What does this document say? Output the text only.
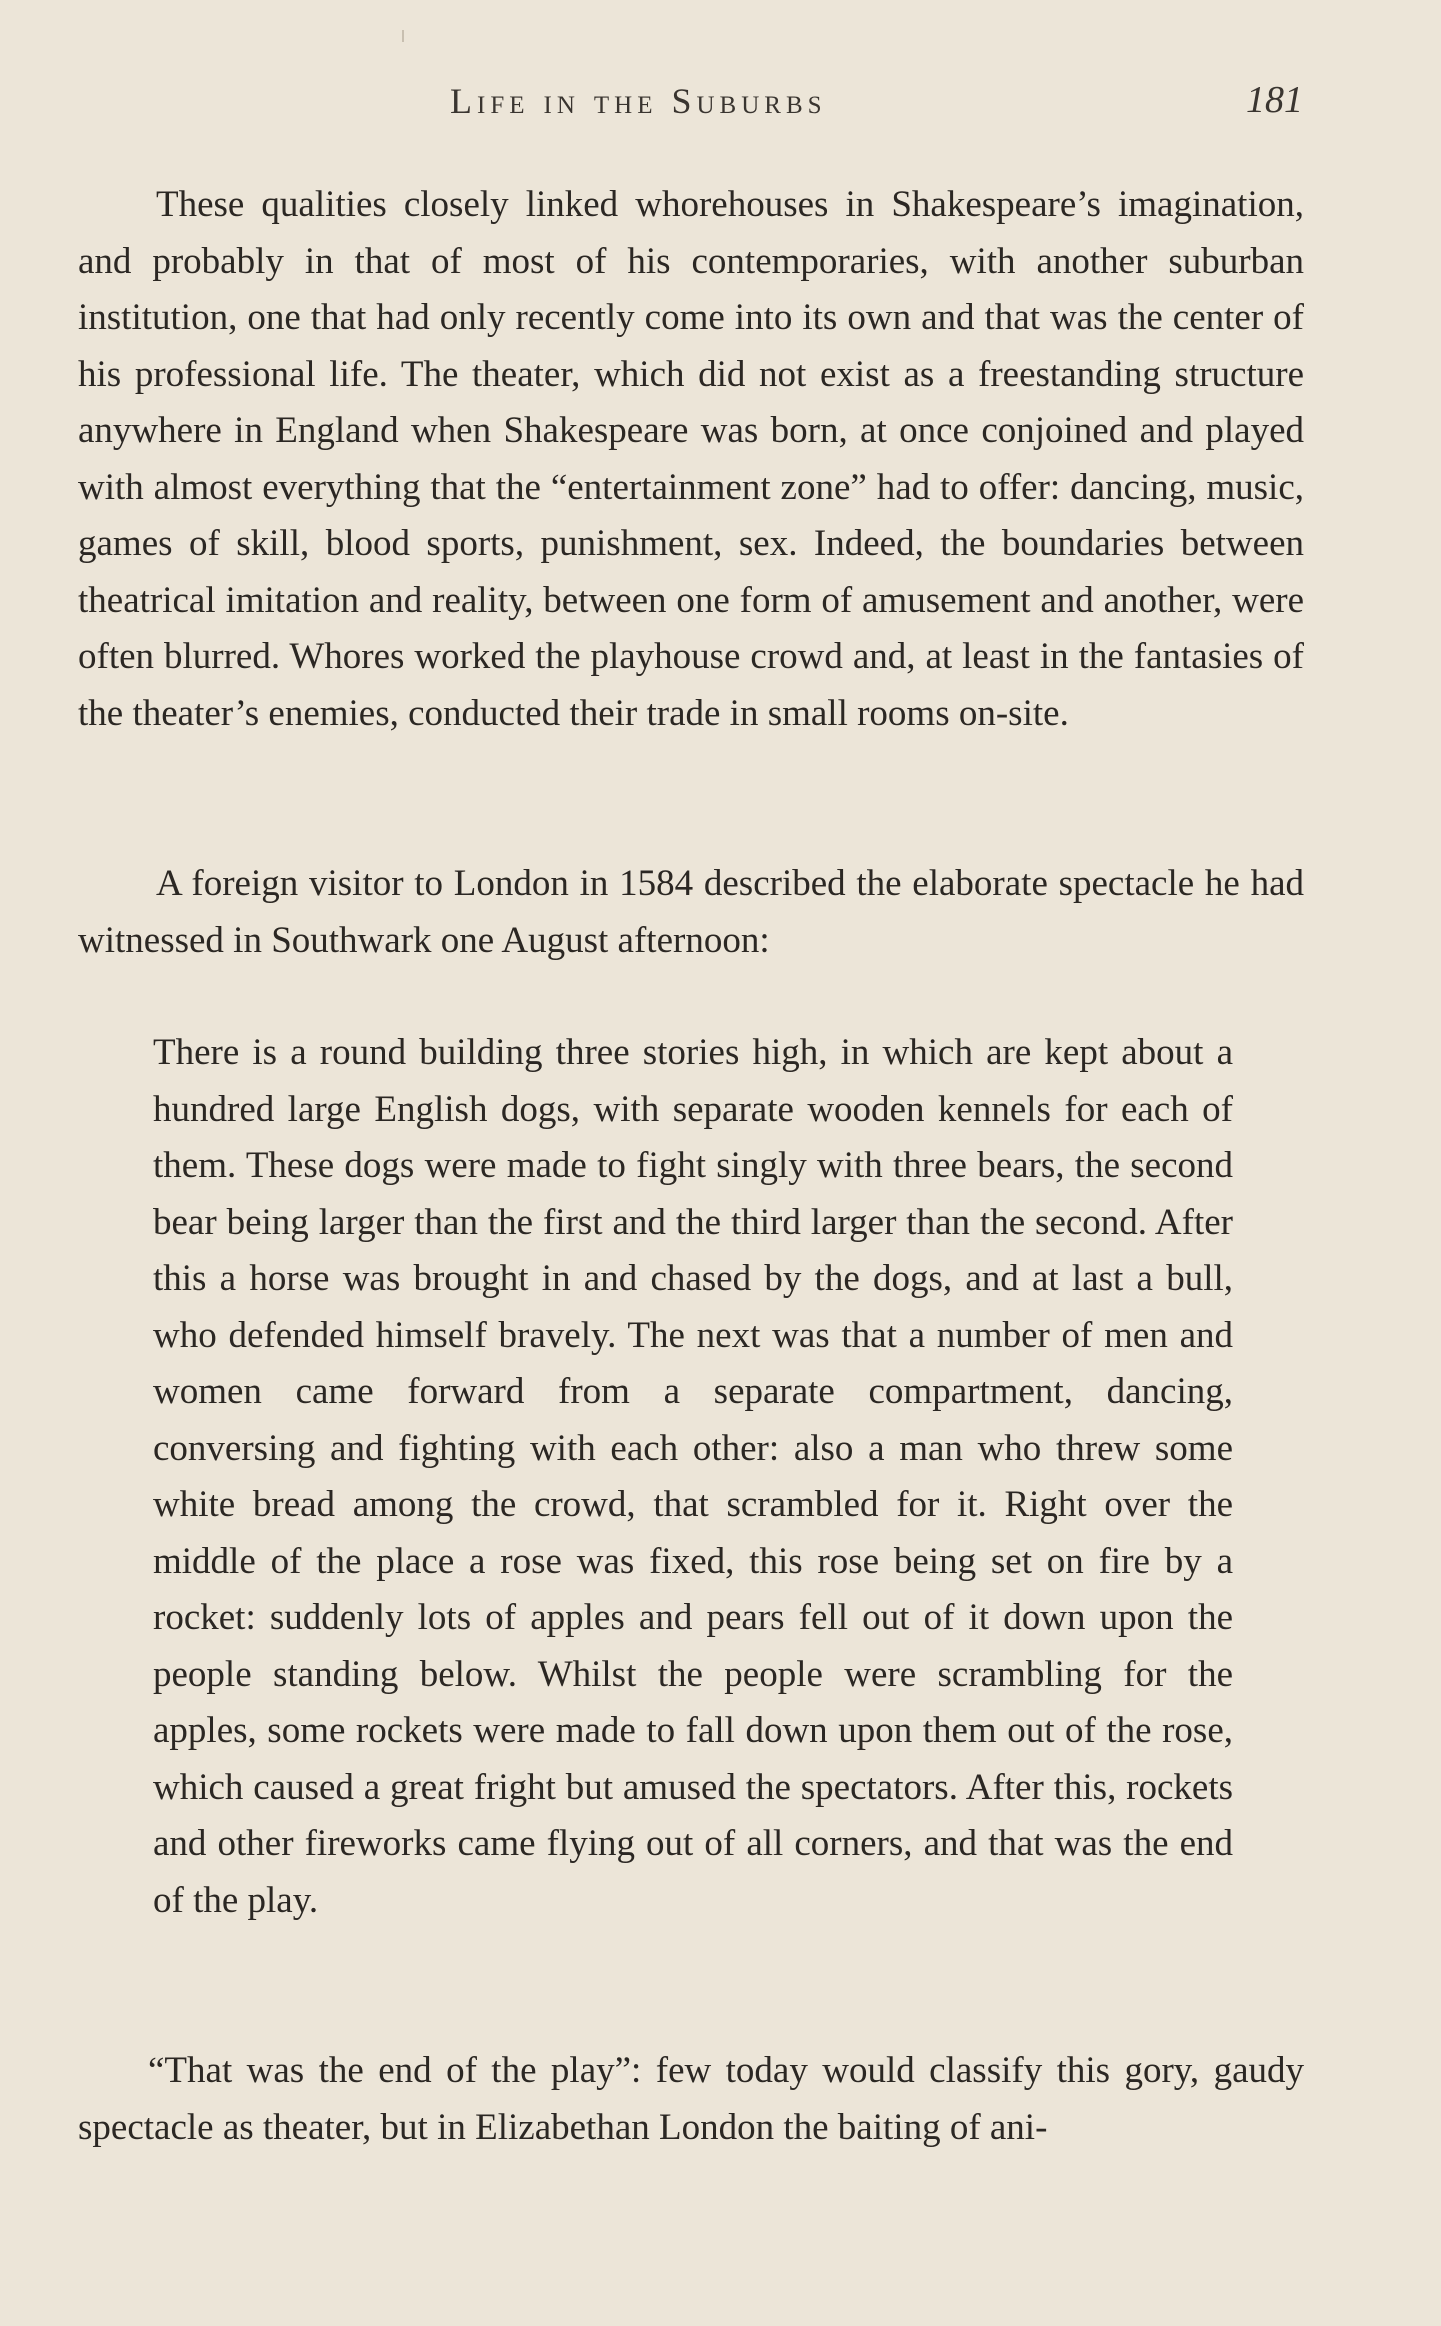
Life in the Suburbs	181

These qualities closely linked whorehouses in Shakespeare’s imagination, and probably in that of most of his contemporaries, with another suburban institution, one that had only recently come into its own and that was the center of his professional life. The theater, which did not exist as a freestanding structure anywhere in England when Shakespeare was born, at once conjoined and played with almost everything that the “entertainment zone” had to offer: dancing, music, games of skill, blood sports, punishment, sex. Indeed, the boundaries between theatrical imitation and reality, between one form of amusement and another, were often blurred. Whores worked the playhouse crowd and, at least in the fantasies of the theater’s enemies, conducted their trade in small rooms on-site.

A foreign visitor to London in 1584 described the elaborate spectacle he had witnessed in Southwark one August afternoon:

There is a round building three stories high, in which are kept about a hundred large English dogs, with separate wooden kennels for each of them. These dogs were made to fight singly with three bears, the second bear being larger than the first and the third larger than the second. After this a horse was brought in and chased by the dogs, and at last a bull, who defended himself bravely. The next was that a number of men and women came forward from a separate compartment, dancing, conversing and fighting with each other: also a man who threw some white bread among the crowd, that scrambled for it. Right over the middle of the place a rose was fixed, this rose being set on fire by a rocket: suddenly lots of apples and pears fell out of it down upon the people standing below. Whilst the people were scrambling for the apples, some rockets were made to fall down upon them out of the rose, which caused a great fright but amused the spectators. After this, rockets and other fireworks came flying out of all corners, and that was the end of the play.

“That was the end of the play”: few today would classify this gory, gaudy spectacle as theater, but in Elizabethan London the baiting of ani-
